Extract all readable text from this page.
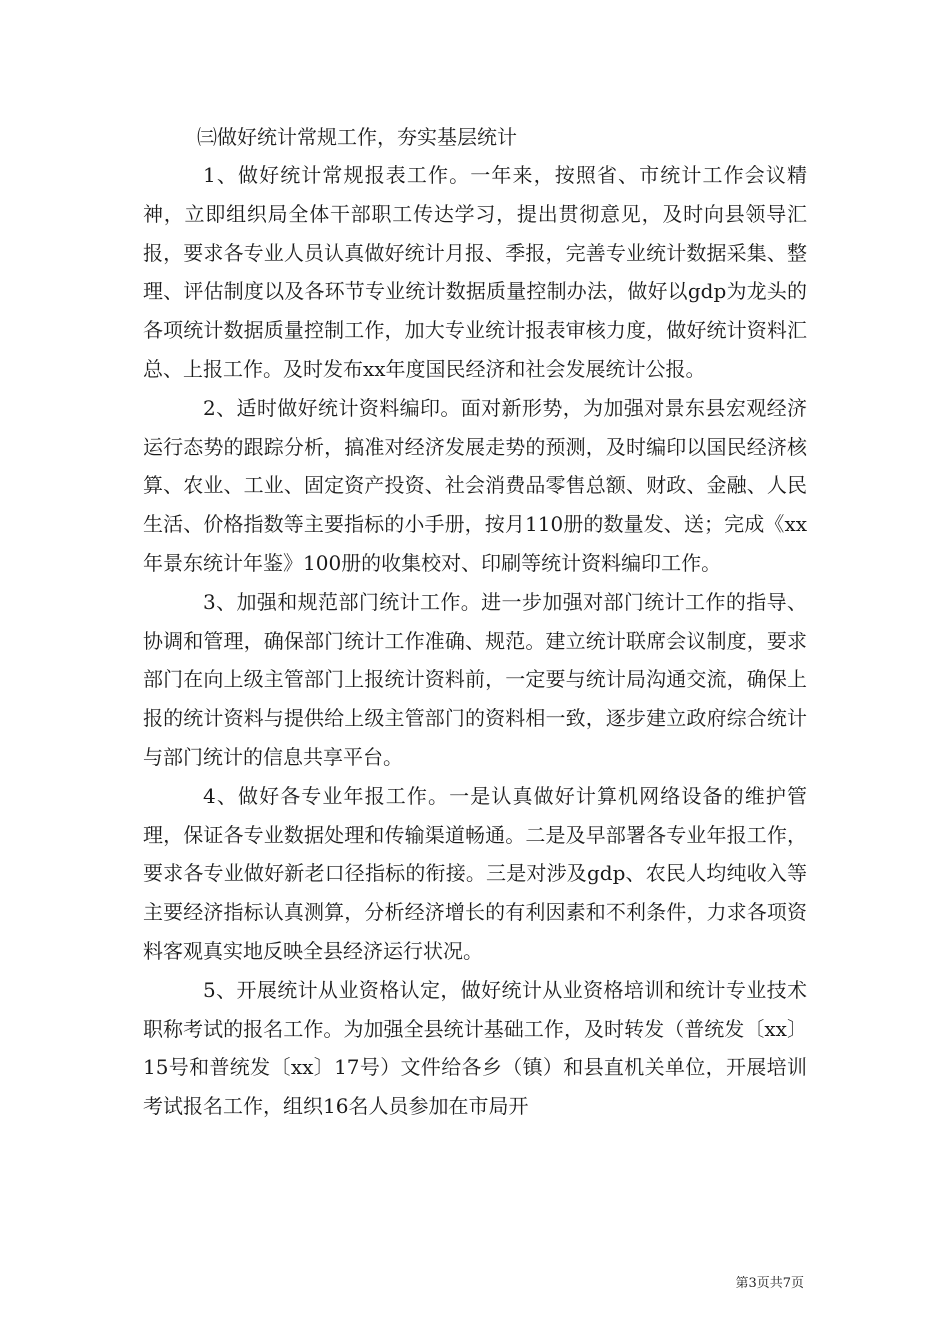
㈢做好统计常规工作，夯实基层统计

1、做好统计常规报表工作。一年来，按照省、市统计工作会议精神，立即组织局全体干部职工传达学习，提出贯彻意见，及时向县领导汇报，要求各专业人员认真做好统计月报、季报，完善专业统计数据采集、整理、评估制度以及各环节专业统计数据质量控制办法，做好以gdp为龙头的各项统计数据质量控制工作，加大专业统计报表审核力度，做好统计资料汇总、上报工作。及时发布xx年度国民经济和社会发展统计公报。

2、适时做好统计资料编印。面对新形势，为加强对景东县宏观经济运行态势的跟踪分析，搞准对经济发展走势的预测，及时编印以国民经济核算、农业、工业、固定资产投资、社会消费品零售总额、财政、金融、人民生活、价格指数等主要指标的小手册，按月110册的数量发、送；完成《xx年景东统计年鉴》100册的收集校对、印刷等统计资料编印工作。

3、加强和规范部门统计工作。进一步加强对部门统计工作的指导、协调和管理，确保部门统计工作准确、规范。建立统计联席会议制度，要求部门在向上级主管部门上报统计资料前，一定要与统计局沟通交流，确保上报的统计资料与提供给上级主管部门的资料相一致，逐步建立政府综合统计与部门统计的信息共享平台。

4、做好各专业年报工作。一是认真做好计算机网络设备的维护管理，保证各专业数据处理和传输渠道畅通。二是及早部署各专业年报工作，要求各专业做好新老口径指标的衔接。三是对涉及gdp、农民人均纯收入等主要经济指标认真测算，分析经济增长的有利因素和不利条件，力求各项资料客观真实地反映全县经济运行状况。

5、开展统计从业资格认定，做好统计从业资格培训和统计专业技术职称考试的报名工作。为加强全县统计基础工作，及时转发（普统发〔xx〕15号和普统发〔xx〕17号）文件给各乡（镇）和县直机关单位，开展培训考试报名工作，组织16名人员参加在市局开

第3页共7页
